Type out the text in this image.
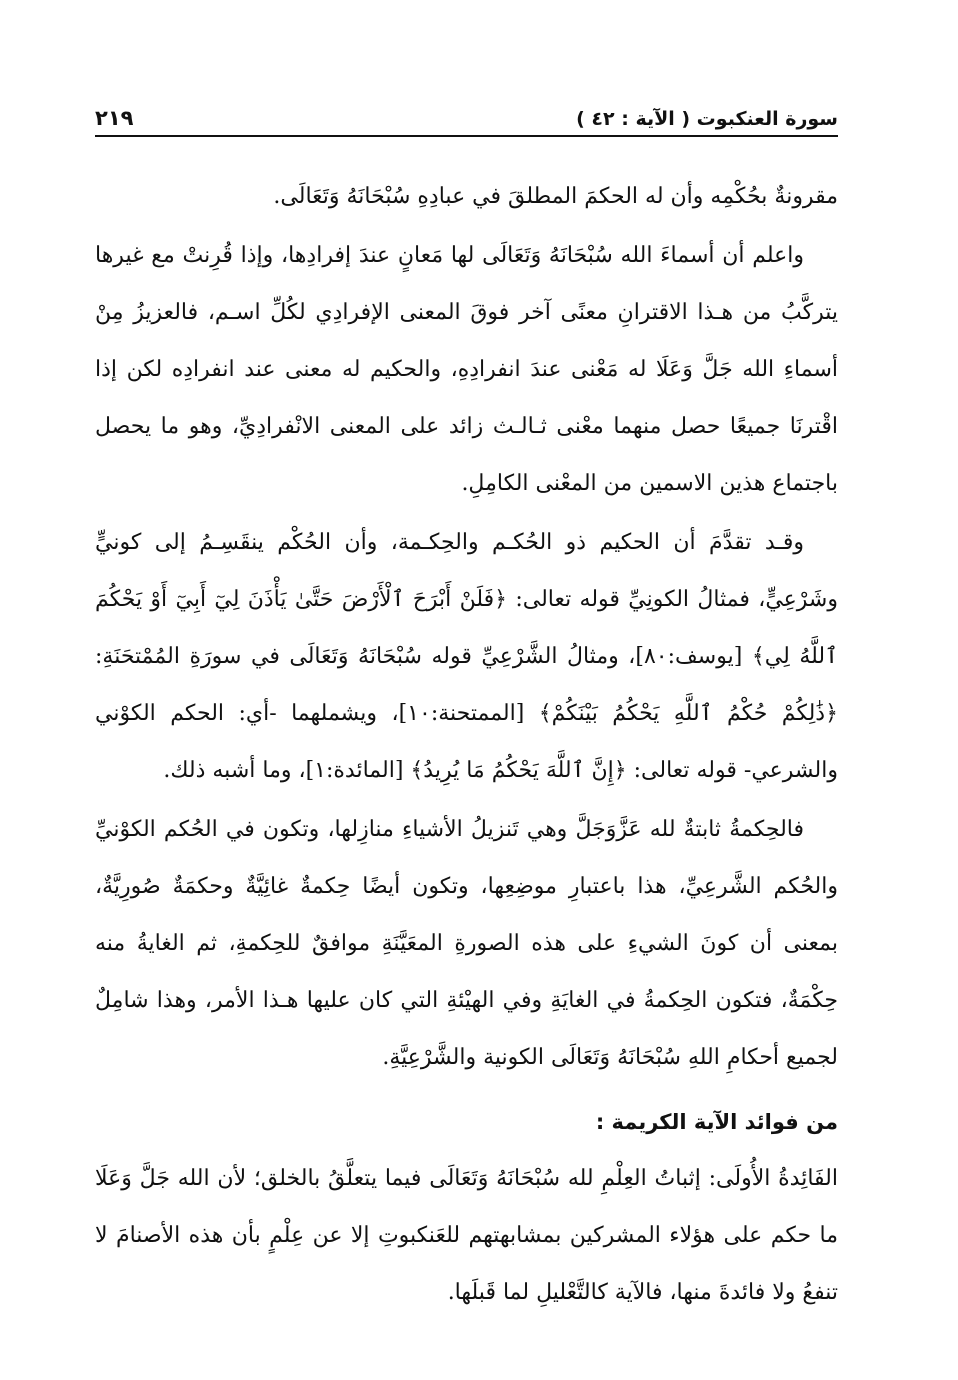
سورة العنكبوت ( الآية : ٤٢ )
٢١٩

مقرونةٌ بحُكْمِه وأن له الحكمَ المطلقَ في عبادِهِ سُبْحَانَهُ وَتَعَالَى.

واعلم أن أسماءَ الله سُبْحَانَهُ وَتَعَالَى لها مَعانٍ عندَ إفرادِها، وإذا قُرِنتْ مع غيرها يتركَّبُ من هـذا الاقترانِ معنًى آخر فوقَ المعنى الإفرادِي لكُلِّ اسـم، فالعزيزُ مِنْ أسماءِ الله جَلَّ وَعَلَا له مَعْنى عندَ انفرادِهِ، والحكيم له معنى عند انفرادِه لكن إذا اقْترنَا جميعًا حصل منهما معْنى ثـالـث زائد على المعنى الانْفرادِيِّ، وهو ما يحصل باجتماع هذين الاسمين من المعْنى الكامِلِ.

وقـد تقدَّمَ أن الحكيم ذو الحُكـم والحِكـمة، وأن الحُكْم ينقَسِـمُ إلى كونيٍّ وشَرْعِيٍّ، فمثالُ الكونِيِّ قوله تعالى: ﴿فَلَنْ أَبْرَحَ ٱلْأَرْضَ حَتَّىٰ يَأْذَنَ لِيٓ أَبِيٓ أَوْ يَحْكُمَ ٱللَّهُ لِي﴾ [يوسف:٨٠]، ومثالُ الشَّرْعِيِّ قوله سُبْحَانَهُ وَتَعَالَى في سورَةِ المُمْتحَنَةِ: ﴿ذَٰلِكُمْ حُكْمُ ٱللَّهِ يَحْكُمُ بَيْنَكُمْ﴾ [الممتحنة:١٠]، ويشملهما -أي: الحكم الكوْني والشرعي- قوله تعالى: ﴿إِنَّ ٱللَّهَ يَحْكُمُ مَا يُرِيدُ﴾ [المائدة:١]، وما أشبه ذلك.

فالحِكمةُ ثابتةٌ لله عَزَّوَجَلَّ وهي تَنزيلُ الأشياءِ منازِلها، وتكون في الحُكم الكوْنيِّ والحُكم الشَّرعِيِّ، هذا باعتبارِ موضِعِها، وتكون أيضًا حِكمةٌ غائِيَّةٌ وحكمَةٌ صُورِيَّةٌ، بمعنى أن كونَ الشيءِ على هذه الصورةِ المعَيَّنَةِ موافقٌ للحِكمةِ، ثم الغايةُ منه حِكْمَةٌ، فتكون الحِكمةُ في الغايَةِ وفي الهيْئةِ التي كان عليها هـذا الأمر، وهذا شامِلٌ لجميع أحكامِ اللهِ سُبْحَانَهُ وَتَعَالَى الكونية والشَّرْعِيَّةِ.

من فوائد الآية الكريمة :

الفَائِدةُ الأُولَى: إثباتُ العِلْمِ لله سُبْحَانَهُ وَتَعَالَى فيما يتعلَّقُ بالخلق؛ لأن الله جَلَّ وَعَلَا ما حكم على هؤلاء المشركين بمشابهتهم للعَنكبوتِ إلا عن عِلْمٍ بأن هذه الأصنامَ لا تنفعُ ولا فائدةَ منها، فالآية كالتَّعْليلِ لما قَبلَها.
